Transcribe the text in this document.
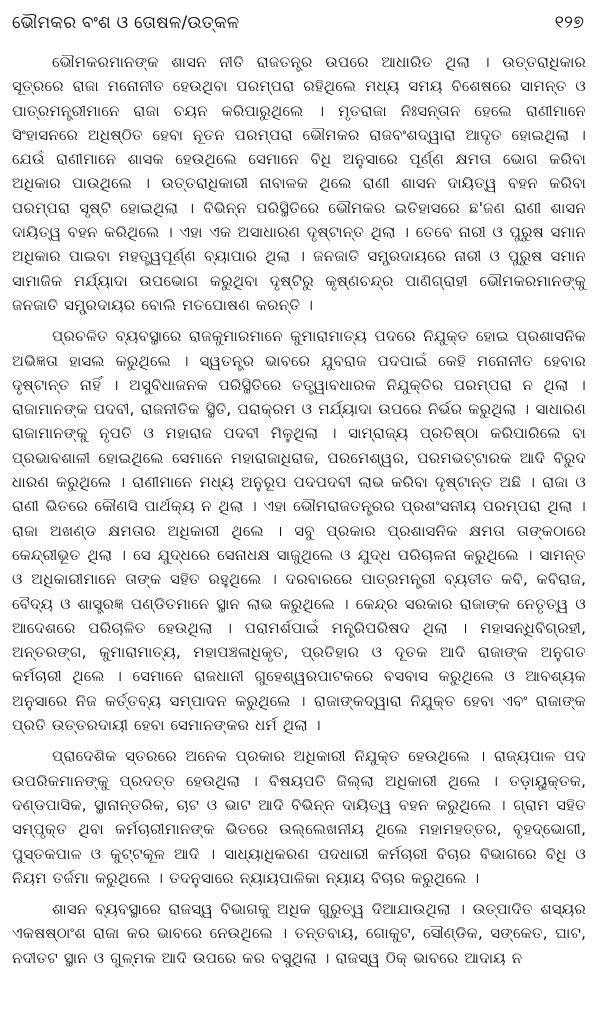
ଭୌମକର ବଂଶ ଓ ତୋଷଳ/ଉତ୍କଳ	୧୨୭

ଭୌମକରମାନଙ୍କ ଶାସନ ନୀତି ରାଜତନ୍ତ୍ର ଉପରେ ଆଧାରିତ ଥିଲା । ଉତ୍ତରାଧିକାର ସୂତ୍ରରେ ରାଜା ମନୋନୀତ ହେଉଥିବା ପରମ୍ପରା ରହିଥିଲେ ମଧ୍ୟ ସମୟ ବିଶେଷରେ ସାମନ୍ତ ଓ ପାତ୍ରମନ୍ତ୍ରୀମାନେ ରାଜା ଚୟନ କରିପାରୁଥିଲେ । ମୃତରାଜା ନିଃସନ୍ତାନ ହେଲେ ରାଣୀମାନେ ସିଂହାସନରେ ଅଧିଷ୍ଠିତ ହେବା ନୂତନ ପରମ୍ପରା ଭୌମକର ରାଜବଂଶଦ୍ୱାରା ଆଦୃତ ହୋଇଥିଲା । ଯେଉଁ ରାଣୀମାନେ ଶାସକ ହେଉଥିଲେ ସେମାନେ ବିଧି ଅନୁସାରେ ପୂର୍ଣ୍ଣ କ୍ଷମତା ଭୋଗ କରିବା ଅଧିକାର ପାଉଥିଲେ । ଉତ୍ତରାଧିକାରୀ ନାବାଳକ ଥିଲେ ରାଣୀ ଶାସନ ଦାୟିତ୍ୱ ବହନ କରିବା ପରମ୍ପରା ସୃଷ୍ଟି ହୋଇଥିଲା । ବିଭିନ୍ନ ପରିସ୍ଥିତିରେ ଭୌମକର ଇତିହାସରେ ଛ'ଜଣ ରାଣୀ ଶାସନ ଦାୟିତ୍ୱ ବହନ କରିଥିଲେ । ଏହା ଏକ ଅସାଧାରଣ ଦୃଷ୍ଟାନ୍ତ ଥିଲା । ତେବେ ନାରୀ ଓ ପୁରୁଷ ସମାନ ଅଧିକାର ପାଇବା ମହତ୍ତ୍ୱପୂର୍ଣ୍ଣ ବ୍ୟାପାର ଥିଲା । ଜନଜାତି ସମ୍ପ୍ରଦାୟରେ ନାରୀ ଓ ପୁରୁଷ ସମାନ ସାମାଜିକ ମର୍ଯ୍ୟାଦା ଉପଭୋଗ କରୁଥିବା ଦୃଷ୍ଟିରୁ କୃଷ୍ଣଚନ୍ଦ୍ର ପାଣିଗ୍ରାହୀ ଭୌମକରମାନଙ୍କୁ ଜନଜାତି ସମ୍ପ୍ରଦାୟର ବୋଲି ମତପୋଷଣ କରନ୍ତି ।

ପ୍ରଚଳିତ ବ୍ୟବସ୍ଥାରେ ରାଜକୁମାରମାନେ କୁମାରାମାତ୍ୟ ପଦରେ ନିଯୁକ୍ତ ହୋଇ ପ୍ରଶାସନିକ ଅଭିଜ୍ଞତା ହାସଲ କରୁଥିଲେ । ସ୍ୱତନ୍ତ୍ର ଭାବରେ ଯୁବରାଜ ପଦପାଇଁ କେହି ମନୋନୀତ ହେବାର ଦୃଷ୍ଟାନ୍ତ ନାହିଁ । ଅସୁବିଧାଜନକ ପରିସ୍ଥିତିରେ ତତ୍ତ୍ୱାବଧାରକ ନିଯୁକ୍ତିର ପରମ୍ପରା ନ ଥିଲା । ରାଜାମାନଙ୍କ ପଦବୀ, ରାଜନୀତିକ ସ୍ଥିତି, ପରାକ୍ରମ ଓ ମର୍ଯ୍ୟାଦା ଉପରେ ନିର୍ଭର କରୁଥିଲା । ସାଧାରଣ ରାଜାମାନଙ୍କୁ ନୃପତି ଓ ମହାରାଜ ପଦବୀ ମିଳୁଥିଲା । ସାମ୍ରାଜ୍ୟ ପ୍ରତିଷ୍ଠା କରିପାରିଲେ ବା ପ୍ରଭାବଶାଳୀ ହୋଇଥିଲେ ସେମାନେ ମହାରାଜାଧିରାଜ, ପରମେଶ୍ୱର, ପରମଭଟ୍ଟାରକ ଆଦି ବିରୁଦ ଧାରଣ କରୁଥିଲେ । ରାଣୀମାନେ ମଧ୍ୟ ଅନୁରୂପ ପଦପଦବୀ ଲାଭ କରିବା ଦୃଷ୍ଟାନ୍ତ ଅଛି । ରାଜା ଓ ରାଣୀ ଭିତରେ କୌଣସି ପାର୍ଥକ୍ୟ ନ ଥିଲା । ଏହା ଭୌମରାଜତନ୍ତ୍ରର ପ୍ରଶଂସନୀୟ ପରମ୍ପରା ଥିଲା । ରାଜା ଅଖଣ୍ଡ କ୍ଷମତାର ଅଧିକାରୀ ଥିଲେ । ସବୁ ପ୍ରକାର ପ୍ରଶାସନିକ କ୍ଷମତା ତାଙ୍କଠାରେ କେନ୍ଦ୍ରୀଭୂତ ଥିଲା । ସେ ଯୁଦ୍ଧରେ ସେନାଧକ୍ଷ ସାଜୁଥିଲେ ଓ ଯୁଦ୍ଧ ପରିଚାଳନା କରୁଥିଲେ । ସାମନ୍ତ ଓ ଅଧିକାରୀମାନେ ତାଙ୍କ ସହିତ ରହୁଥିଲେ । ଦରବାରରେ ପାତ୍ରମନ୍ତ୍ରୀ ବ୍ୟତୀତ କବି, କବିରାଜ, ବୈଦ୍ୟ ଓ ଶାସ୍ତ୍ରଜ୍ଞ ପଣ୍ଡିତମାନେ ସ୍ଥାନ ଲାଭ କରୁଥିଲେ । କେନ୍ଦ୍ର ସରକାର ରାଜାଙ୍କ ନେତୃତ୍ୱ ଓ ଆଦେଶରେ ପରିଚାଳିତ ହେଉଥିଲା । ପରାମର୍ଶପାଇଁ ମନ୍ତ୍ରିପରିଷଦ ଥିଲା । ମହାସନ୍ଧିବିଗ୍ରହୀ, ଅନ୍ତରଙ୍ଗ, କୁମାରାମାତ୍ୟ, ମହାପଞ୍ଚଳାଧିକୃତ, ପ୍ରତିହାର ଓ ଦୂତକ ଆଦି ରାଜାଙ୍କ ଅନୁଗତ କର୍ମଚାରୀ ଥିଲେ । ସେମାନେ ରାଜଧାନୀ ଗୁହେଶ୍ୱରପାଟକରେ ବସବାସ କରୁଥିଲେ ଓ ଆବଶ୍ୟକ ଅନୁସାରେ ନିଜ କର୍ତ୍ତବ୍ୟ ସମ୍ପାଦନ କରୁଥିଲେ । ରାଜାଙ୍କଦ୍ୱାରା ନିଯୁକ୍ତ ହେବା ଏବଂ ରାଜାଙ୍କ ପ୍ରତି ଉତ୍ତରଦାୟୀ ହେବା ସେମାନଙ୍କର ଧର୍ମ ଥିଲା ।

ପ୍ରାଦେଶିକ ସ୍ତରରେ ଅନେକ ପ୍ରକାର ଅଧିକାରୀ ନିଯୁକ୍ତ ହେଉଥିଲେ । ରାଜ୍ୟପାଳ ପଦ ଉପରିକମାନଙ୍କୁ ପ୍ରଦତ୍ତ ହେଉଥିଲା । ବିଷୟପତି ଜିଲ୍ଲା ଅଧିକାରୀ ଥିଲେ । ତଡ଼ାୟୁକ୍ତକ, ଦଣ୍ଡପାସିକ, ସ୍ଥାନାନ୍ତରିକ, ଚାଟ ଓ ଭାଟ ଆଦି ବିଭିନ୍ନ ଦାୟିତ୍ୱ ବହନ କରୁଥିଲେ । ଗ୍ରାମ ସହିତ ସମ୍ପୃକ୍ତ ଥିବା କର୍ମଚାରୀମାନଙ୍କ ଭିତରେ ଉଲ୍ଲେଖନୀୟ ଥିଲେ ମହାମହତ୍ତର, ବୃହଦ୍‌ଭୋଗୀ, ପୁସ୍ତକପାଳ ଓ କୁଟ୍ଟକୂଳ ଆଦି । ସାଧ୍ୟାଧିକରଣ ପଦଧାରୀ କର୍ମଚାରୀ ବିଚାର ବିଭାଗରେ ବିଧି ଓ ନିୟମ ତର୍ଜମା କରୁଥିଲେ । ତଦନୁସାରେ ନ୍ୟାୟପାଳିକା ନ୍ୟାୟ ବିଚାର କରୁଥିଲେ ।

ଶାସନ ବ୍ୟବସ୍ଥାରେ ରାଜସ୍ୱ ବିଭାଗକୁ ଅଧିକ ଗୁରୁତ୍ୱ ଦିଆଯାଉଥିଲା । ଉତ୍ପାଦିତ ଶସ୍ୟର ଏକଷଷ୍ଠାଂଶ ରାଜା କର ଭାବରେ ନେଉଥିଲେ । ତନ୍ତବାୟ, ଗୋକୁଟ, ସୌଣ୍ଡିକ, ସଙ୍କେତ, ଘାଟ, ନଦୀତଟ ସ୍ଥାନ ଓ ଗୁଳ୍ମକ ଆଦି ଉପରେ କର ବସୁଥିଲା । ରାଜସ୍ୱ ଠିକ୍ ଭାବରେ ଆଦାୟ ନ
